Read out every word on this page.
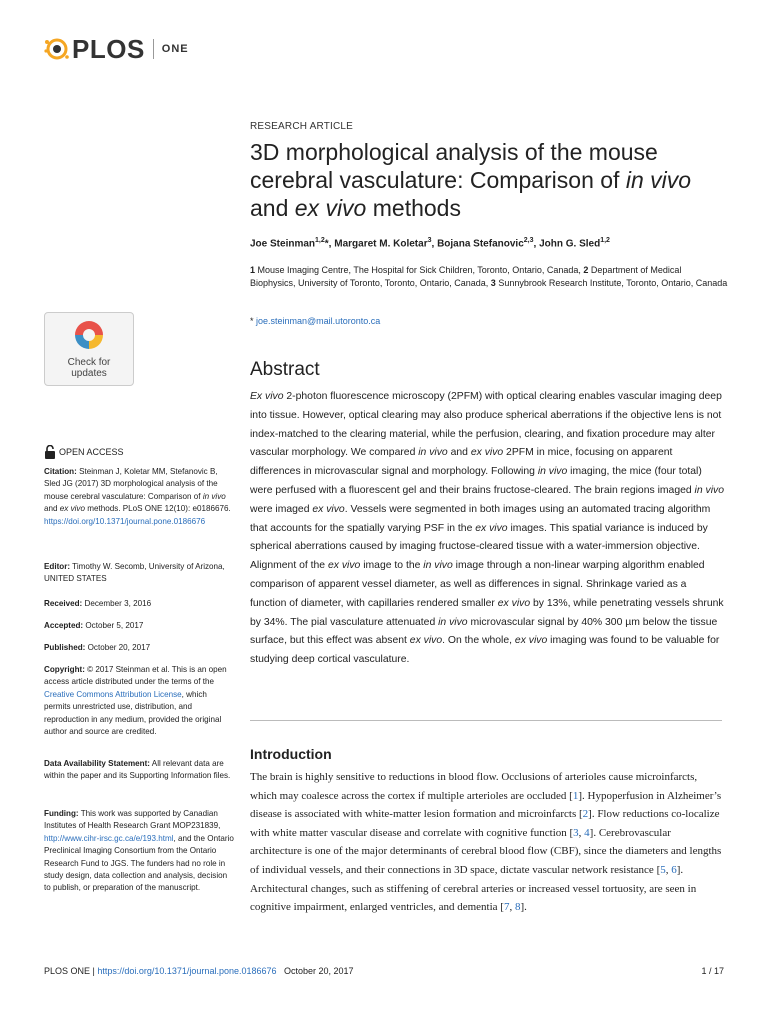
PLOS ONE
RESEARCH ARTICLE
3D morphological analysis of the mouse cerebral vasculature: Comparison of in vivo and ex vivo methods
Joe Steinman$^{1,2}$*, Margaret M. Koletar$^3$, Bojana Stefanovic$^{2,3}$, John G. Sled$^{1,2}$
1 Mouse Imaging Centre, The Hospital for Sick Children, Toronto, Ontario, Canada, 2 Department of Medical Biophysics, University of Toronto, Toronto, Ontario, Canada, 3 Sunnybrook Research Institute, Toronto, Ontario, Canada
* joe.steinman@mail.utoronto.ca
Check for
updates
OPEN ACCESS
Citation: Steinman J, Koletar MM, Stefanovic B, Sled JG (2017) 3D morphological analysis of the mouse cerebral vasculature: Comparison of in vivo and ex vivo methods. PLoS ONE 12(10): e0186676. https://doi.org/10.1371/journal.pone.0186676
Editor: Timothy W. Secomb, University of Arizona, UNITED STATES
Received: December 3, 2016
Accepted: October 5, 2017
Published: October 20, 2017
Copyright: © 2017 Steinman et al. This is an open access article distributed under the terms of the Creative Commons Attribution License, which permits unrestricted use, distribution, and reproduction in any medium, provided the original author and source are credited.
Data Availability Statement: All relevant data are within the paper and its Supporting Information files.
Funding: This work was supported by Canadian Institutes of Health Research Grant MOP231839, http://www.cihr-irsc.gc.ca/e/193.html, and the Ontario Preclinical Imaging Consortium from the Ontario Research Fund to JGS. The funders had no role in study design, data collection and analysis, decision to publish, or preparation of the manuscript.
Abstract
Ex vivo 2-photon fluorescence microscopy (2PFM) with optical clearing enables vascular imaging deep into tissue. However, optical clearing may also produce spherical aberrations if the objective lens is not index-matched to the clearing material, while the perfusion, clearing, and fixation procedure may alter vascular morphology. We compared in vivo and ex vivo 2PFM in mice, focusing on apparent differences in microvascular signal and morphology. Following in vivo imaging, the mice (four total) were perfused with a fluorescent gel and their brains fructose-cleared. The brain regions imaged in vivo were imaged ex vivo. Vessels were segmented in both images using an automated tracing algorithm that accounts for the spatially varying PSF in the ex vivo images. This spatial variance is induced by spherical aberrations caused by imaging fructose-cleared tissue with a water-immersion objective. Alignment of the ex vivo image to the in vivo image through a non-linear warping algorithm enabled comparison of apparent vessel diameter, as well as differences in signal. Shrinkage varied as a function of diameter, with capillaries rendered smaller ex vivo by 13%, while penetrating vessels shrunk by 34%. The pial vasculature attenuated in vivo microvascular signal by 40% 300 µm below the tissue surface, but this effect was absent ex vivo. On the whole, ex vivo imaging was found to be valuable for studying deep cortical vasculature.
Introduction
The brain is highly sensitive to reductions in blood flow. Occlusions of arterioles cause microinfarcts, which may coalesce across the cortex if multiple arterioles are occluded [1]. Hypoperfusion in Alzheimer’s disease is associated with white-matter lesion formation and microinfarcts [2]. Flow reductions co-localize with white matter vascular disease and correlate with cognitive function [3, 4]. Cerebrovascular architecture is one of the major determinants of cerebral blood flow (CBF), since the diameters and lengths of individual vessels, and their connections in 3D space, dictate vascular network resistance [5, 6]. Architectural changes, such as stiffening of cerebral arteries or increased vessel tortuosity, are seen in cognitive impairment, enlarged ventricles, and dementia [7, 8].
PLOS ONE | https://doi.org/10.1371/journal.pone.0186676   October 20, 2017	1 / 17
